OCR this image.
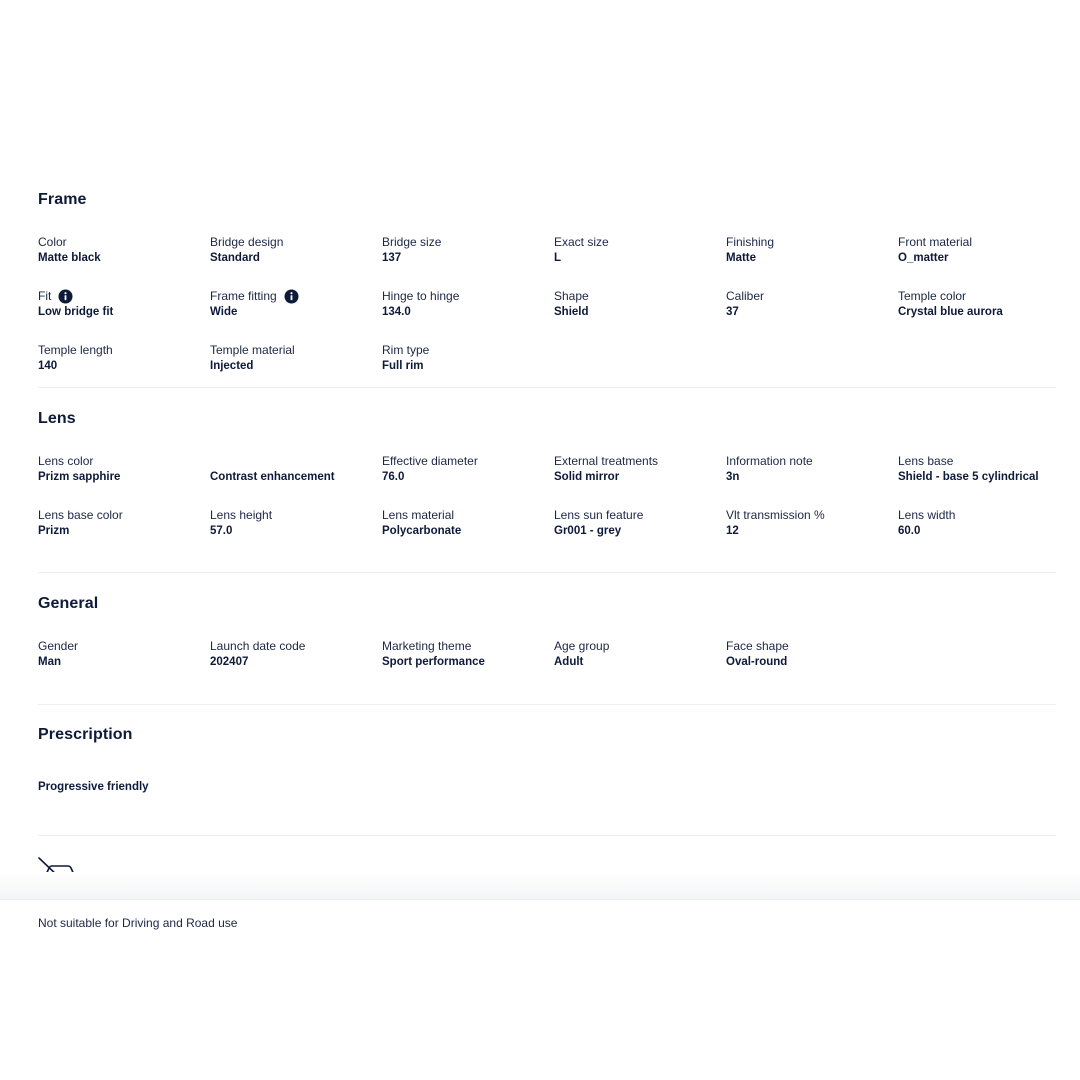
Frame
Color
Matte black
Bridge design
Standard
Bridge size
137
Exact size
L
Finishing
Matte
Front material
O_matter
Fit
Low bridge fit
Frame fitting
Wide
Hinge to hinge
134.0
Shape
Shield
Caliber
37
Temple color
Crystal blue aurora
Temple length
140
Temple material
Injected
Rim type
Full rim
Lens
Lens color
Prizm sapphire	Contrast enhancement
Effective diameter
76.0
External treatments
Solid mirror
Information note
3n
Lens base
Shield - base 5 cylindrical
Lens base color
Prizm
Lens height
57.0
Lens material
Polycarbonate
Lens sun feature
Gr001 - grey
Vlt transmission %
12
Lens width
60.0
General
Gender
Man
Launch date code
202407
Marketing theme
Sport performance
Age group
Adult
Face shape
Oval-round
Prescription
Progressive friendly
Not suitable for Driving and Road use
